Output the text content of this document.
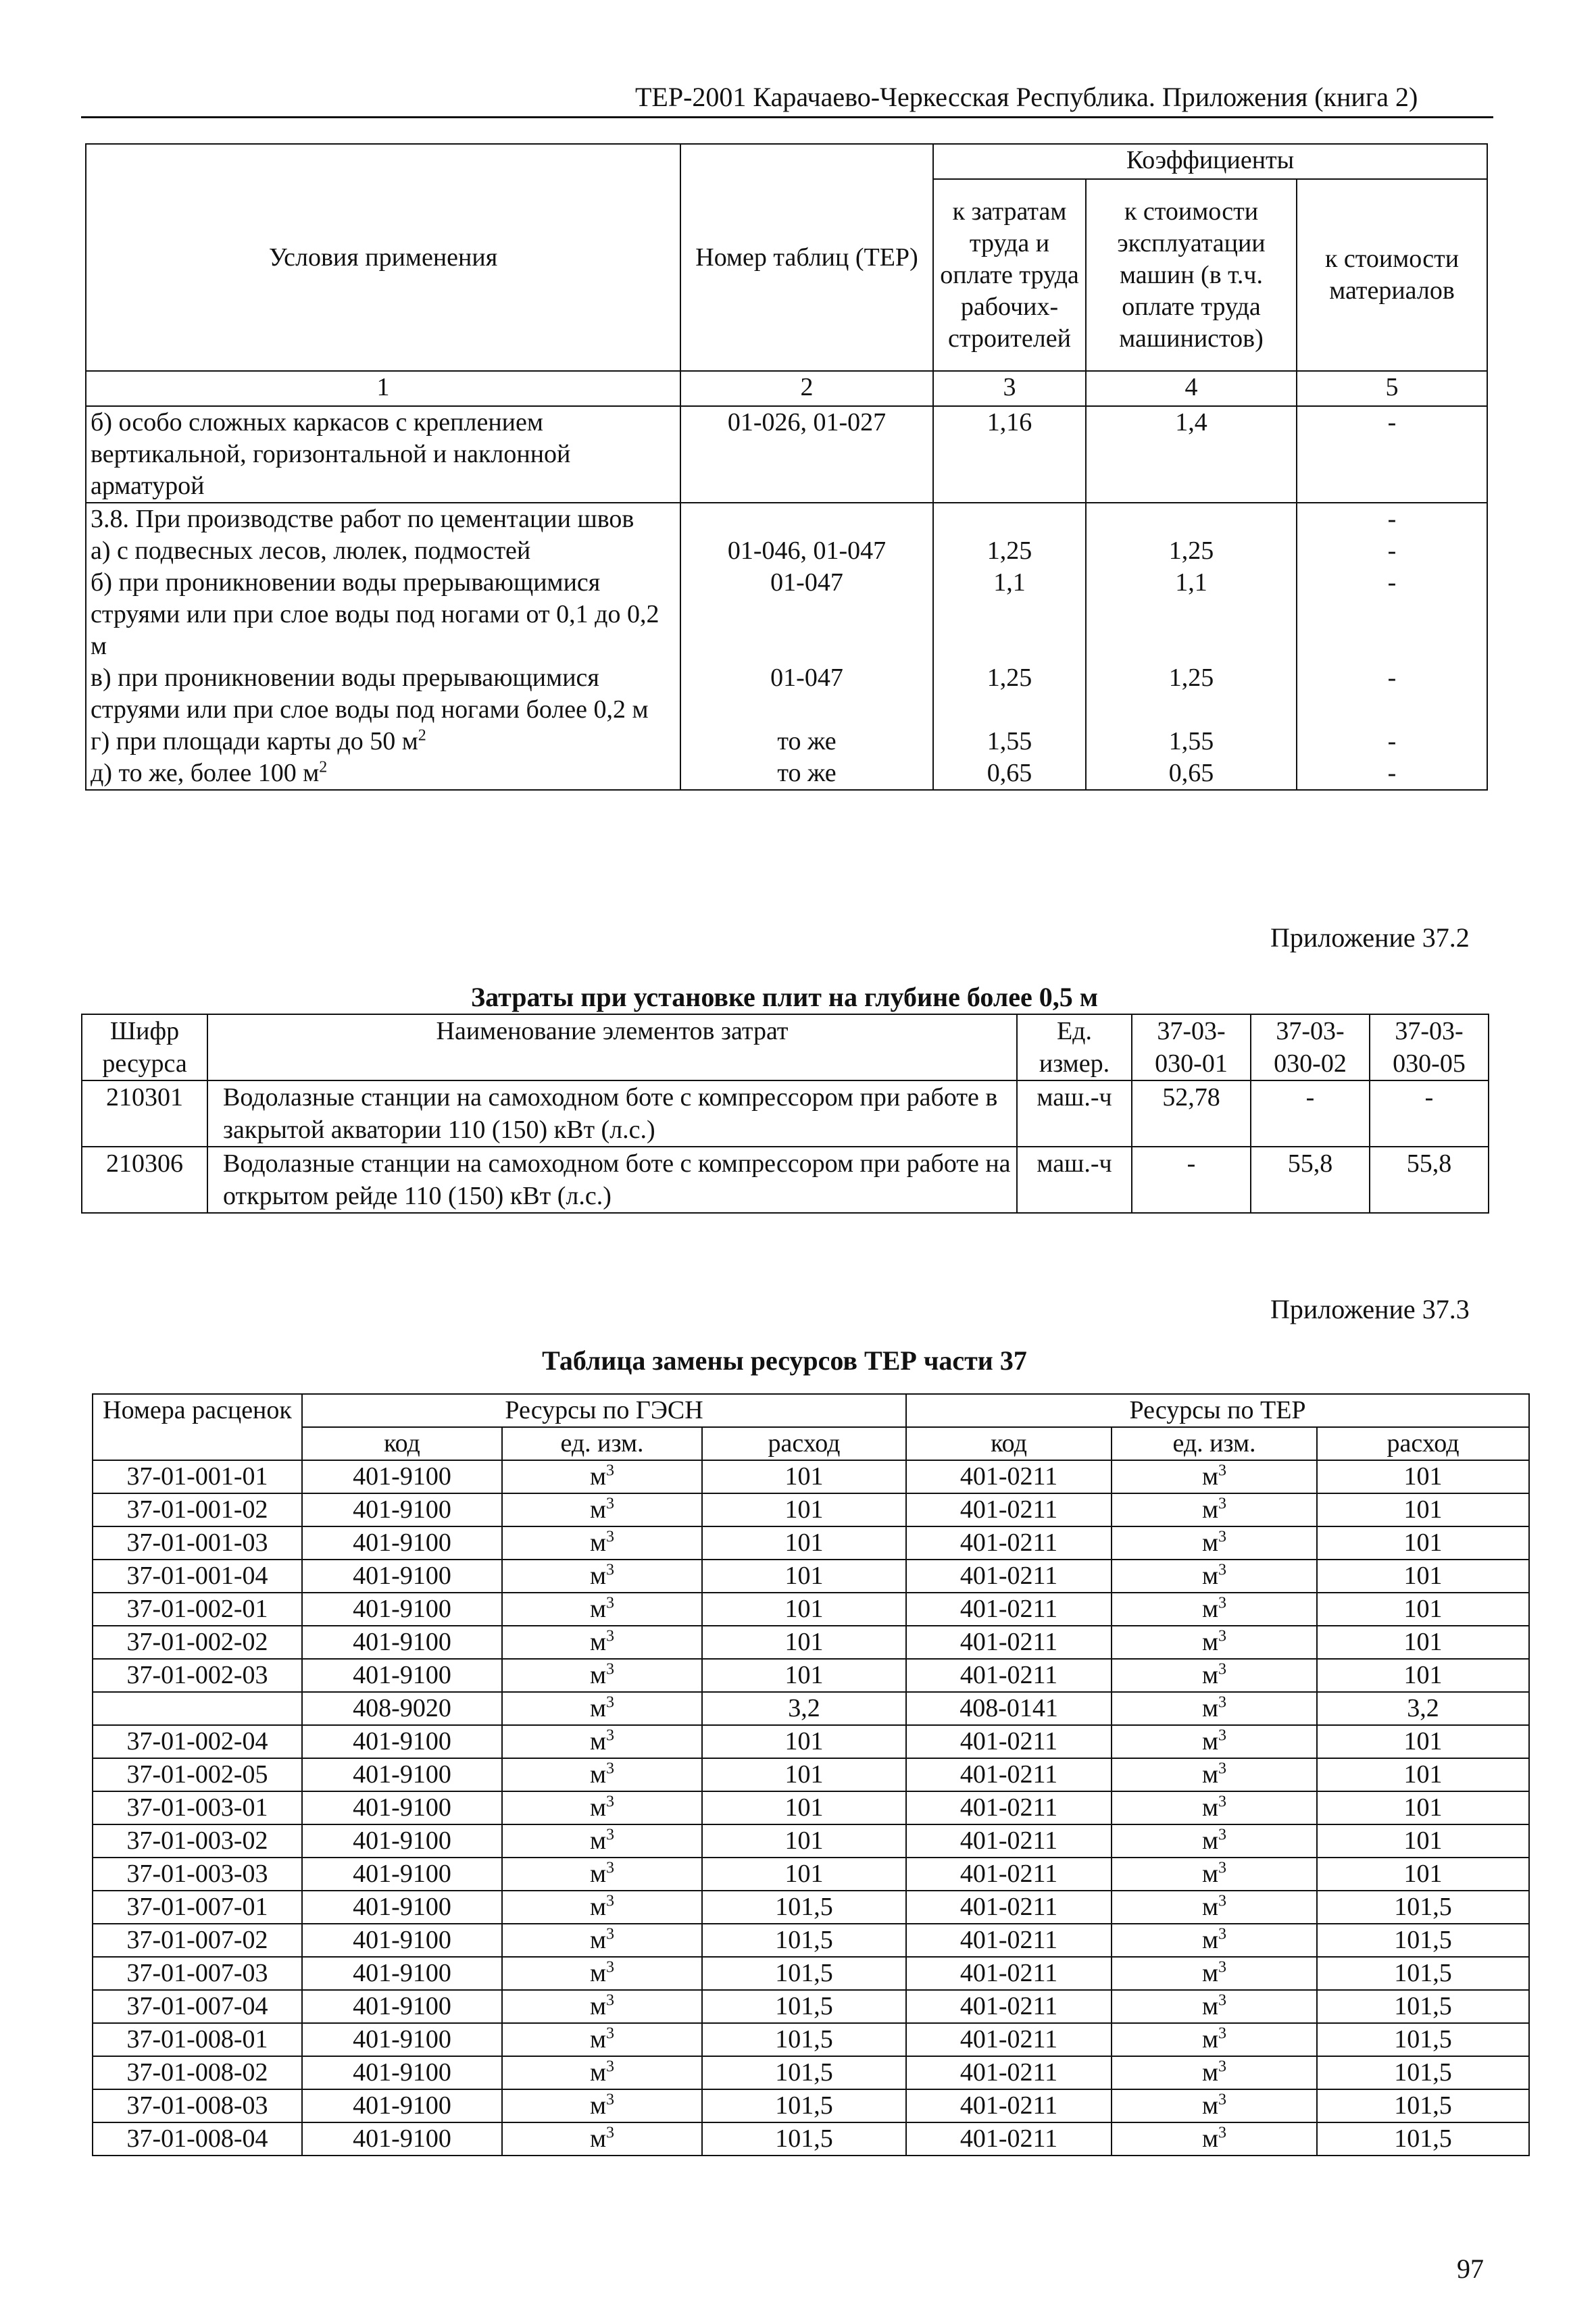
ТЕР-2001 Карачаево-Черкесская Республика. Приложения (книга 2)
Условия применения	Номер таблиц (ТЕР)	Коэффициенты		
		к затратам труда и оплате труда рабочих-строителей	к стоимости эксплуатации машин (в т.ч. оплате труда машинистов)	к стоимости материалов
1	2	3	4	5
б) особо сложных каркасов с креплением вертикальной, горизонтальной и наклонной арматурой	01-026, 01-027	1,16	1,4	-
3.8. При производстве работ по цементации швов				-
а) с подвесных лесов, люлек, подмостей	01-046, 01-047	1,25	1,25	-
б) при проникновении воды прерывающимися струями или при слое воды под ногами от 0,1 до 0,2 м	01-047	1,1	1,1	-
в) при проникновении воды прерывающимися струями или при слое воды под ногами более 0,2 м	01-047	1,25	1,25	-
г) при площади карты до 50 $м^2$	то же	1,55	1,55	-
д) то же, более 100 $м^2$	то же	0,65	0,65	-
Приложение 37.2
Затраты при установке плит на глубине более 0,5 м
Шифр ресурса	Наименование элементов затрат	Ед. измер.	37-03-030-01	37-03-030-02	37-03-030-05
210301	Водолазные станции на самоходном боте с компрессором при работе в закрытой акватории 110 (150) кВт (л.с.)	маш.-ч	52,78	-	-
210306	Водолазные станции на самоходном боте с компрессором при работе на открытом рейде 110 (150) кВт (л.с.)	маш.-ч	-	55,8	55,8
Приложение 37.3
Таблица замены ресурсов ТЕР части 37
Номера расценок	Ресурсы по ГЭСН			Ресурсы по ТЕР		
	код	ед. изм.	расход	код	ед. изм.	расход
37-01-001-01	401-9100	$м^3$	101	401-0211	$м^3$	101
37-01-001-02	401-9100	$м^3$	101	401-0211	$м^3$	101
37-01-001-03	401-9100	$м^3$	101	401-0211	$м^3$	101
37-01-001-04	401-9100	$м^3$	101	401-0211	$м^3$	101
37-01-002-01	401-9100	$м^3$	101	401-0211	$м^3$	101
37-01-002-02	401-9100	$м^3$	101	401-0211	$м^3$	101
37-01-002-03	401-9100	$м^3$	101	401-0211	$м^3$	101
	408-9020	$м^3$	3,2	408-0141	$м^3$	3,2
37-01-002-04	401-9100	$м^3$	101	401-0211	$м^3$	101
37-01-002-05	401-9100	$м^3$	101	401-0211	$м^3$	101
37-01-003-01	401-9100	$м^3$	101	401-0211	$м^3$	101
37-01-003-02	401-9100	$м^3$	101	401-0211	$м^3$	101
37-01-003-03	401-9100	$м^3$	101	401-0211	$м^3$	101
37-01-007-01	401-9100	$м^3$	101,5	401-0211	$м^3$	101,5
37-01-007-02	401-9100	$м^3$	101,5	401-0211	$м^3$	101,5
37-01-007-03	401-9100	$м^3$	101,5	401-0211	$м^3$	101,5
37-01-007-04	401-9100	$м^3$	101,5	401-0211	$м^3$	101,5
37-01-008-01	401-9100	$м^3$	101,5	401-0211	$м^3$	101,5
37-01-008-02	401-9100	$м^3$	101,5	401-0211	$м^3$	101,5
37-01-008-03	401-9100	$м^3$	101,5	401-0211	$м^3$	101,5
37-01-008-04	401-9100	$м^3$	101,5	401-0211	$м^3$	101,5
97
